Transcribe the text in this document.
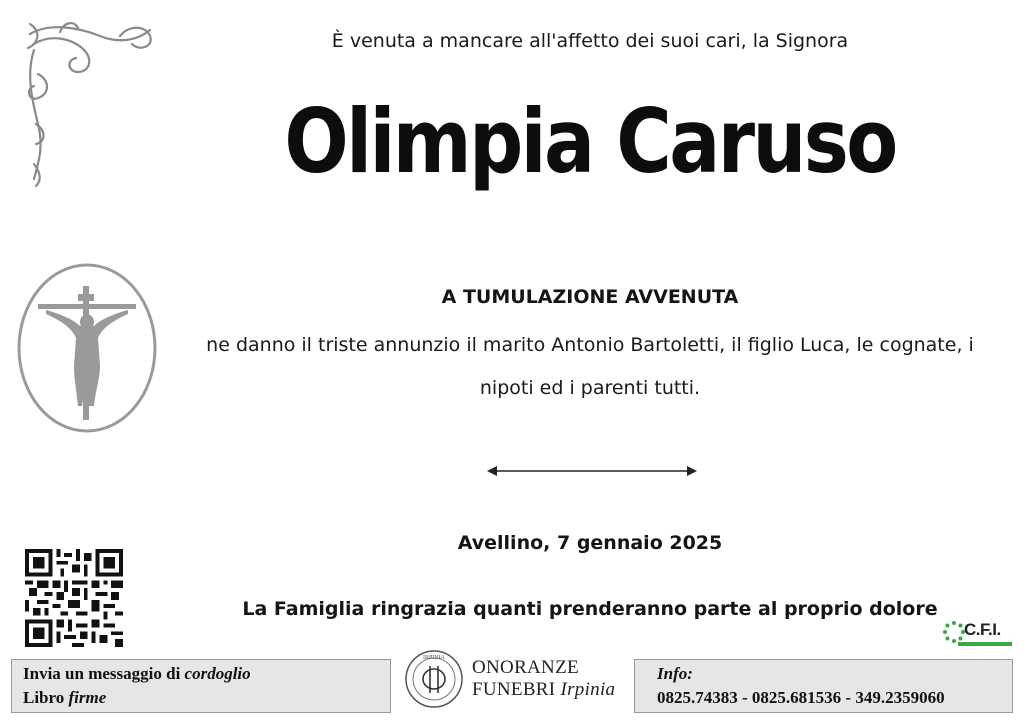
È venuta a mancare all'affetto dei suoi cari, la Signora
Olimpia Caruso
A TUMULAZIONE AVVENUTA
ne danno il triste annunzio il marito Antonio Bartoletti, il figlio Luca, le cognate, i nipoti ed i parenti tutti.
Avellino, 7 gennaio 2025
La Famiglia ringrazia quanti prenderanno parte al proprio dolore
C.F.I.
Invia un messaggio di cordoglio
Libro firme
IRPINIA ONORANZE
FUNEBRI Irpinia
Info:
0825.74383 - 0825.681536 - 349.2359060
